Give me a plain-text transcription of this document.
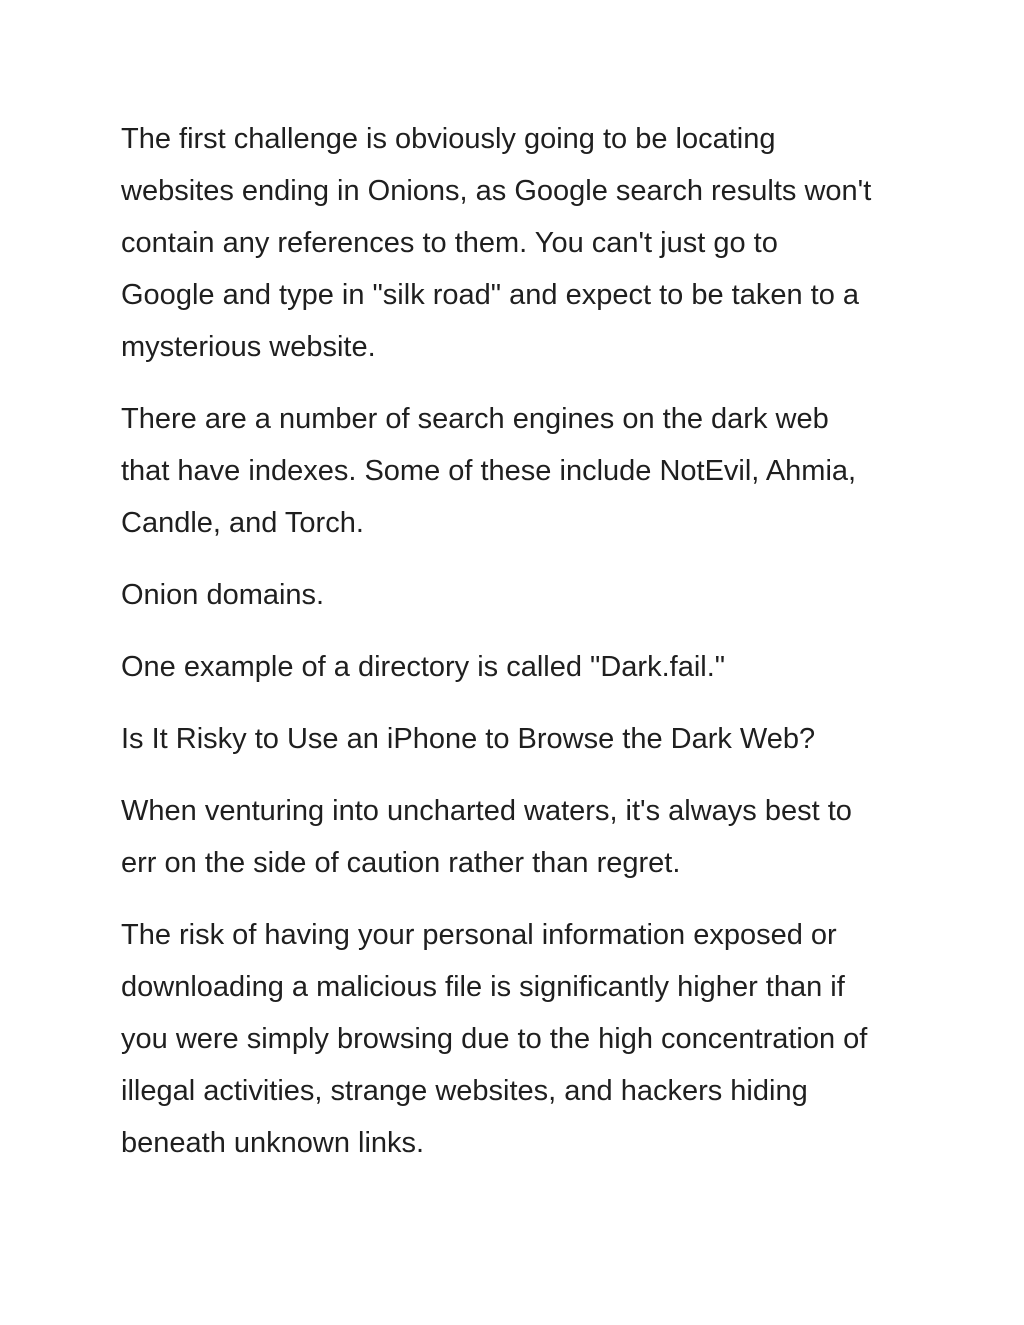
The first challenge is obviously going to be locating
websites ending in Onions, as Google search results won't
contain any references to them. You can't just go to
Google and type in "silk road" and expect to be taken to a
mysterious website.

There are a number of search engines on the dark web
that have indexes. Some of these include NotEvil, Ahmia,
Candle, and Torch.

Onion domains.

One example of a directory is called "Dark.fail."

Is It Risky to Use an iPhone to Browse the Dark Web?

When venturing into uncharted waters, it's always best to
err on the side of caution rather than regret.

The risk of having your personal information exposed or
downloading a malicious file is significantly higher than if
you were simply browsing due to the high concentration of
illegal activities, strange websites, and hackers hiding
beneath unknown links.
